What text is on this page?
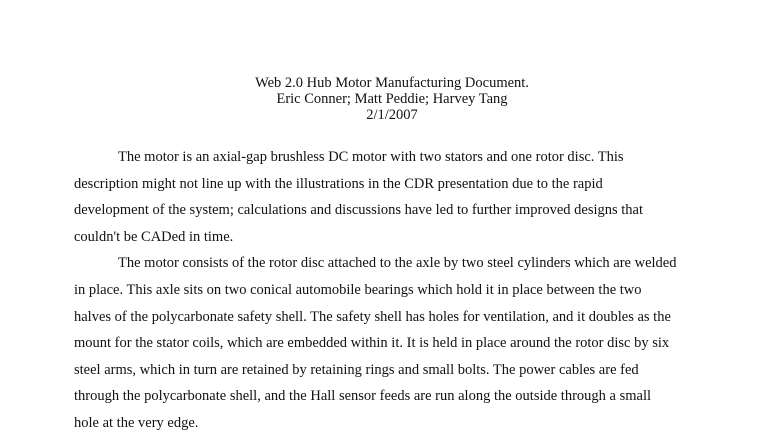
Web 2.0 Hub Motor Manufacturing Document.
Eric Conner; Matt Peddie; Harvey Tang
2/1/2007
The motor is an axial-gap brushless DC motor with two stators and one rotor disc. This
description might not line up with the illustrations in the CDR presentation due to the rapid
development of the system; calculations and discussions have led to further improved designs that
couldn't be CADed in time.
The motor consists of the rotor disc attached to the axle by two steel cylinders which are welded
in place. This axle sits on two conical automobile bearings which hold it in place between the two
halves of the polycarbonate safety shell. The safety shell has holes for ventilation, and it doubles as the
mount for the stator coils, which are embedded within it. It is held in place around the rotor disc by six
steel arms, which in turn are retained by retaining rings and small bolts. The power cables are fed
through the polycarbonate shell, and the Hall sensor feeds are run along the outside through a small
hole at the very edge.
